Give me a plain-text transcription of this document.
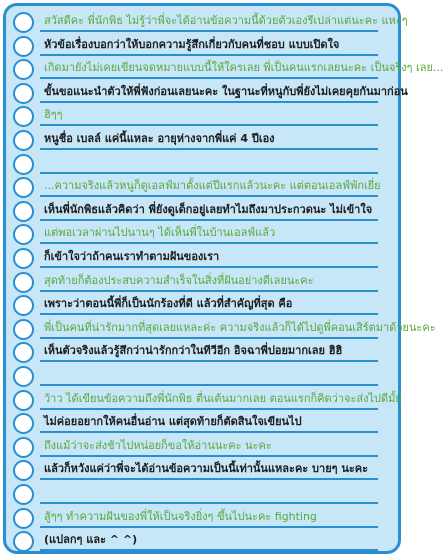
สวัสดีคะ พี่นักพิธ ไม่รู้ว่าพี่จะได้อ่านข้อความนี้ด้วยตัวเองรึเปล่าแต่นะคะ แหะๆ
หัวข้อเรื่องบอกว่าให้บอกความรู้สึกเกี่ยวกับคนที่ชอบ แบบเปิดใจ
เกิดมายังไม่เคยเขียนจดหมายแบบนี้ให้ใครเลย พี่เป็นคนแรกเลยนะคะ เป็นจริงๆ เลย...
ขั้นขอแนะนำตัวให้พี่ฟังก่อนเลยนะคะ ในฐานะที่หนูกับพี่ยังไม่เคยคุยกันมาก่อน
ฮิๆๆ
หนูชื่อ เบลล์ แค่นี้แหละ อายุห่างจากพี่แค่ 4 ปีเอง
...ความจริงแล้วหนูก็ดูเอลฟ์มาตั้งแต่ปีแรกแล้วนะคะ แต่ตอนเอลฟ์พักเยี่ย
เห็นพี่นักพิธแล้วคิดว่า พี่ยังดูเด็กอยู่เลยทำไมถึงมาประกวดนะ ไม่เข้าใจ
แต่พอเวลาผ่านไปนานๆ ได้เห็นพี่ในบ้านเอลฟ์แล้ว
ก็เข้าใจว่าถ้าคนเราทำตามฝันของเรา
สุดท้ายก็ต้องประสบความสำเร็จในสิ่งที่ฝันอย่างดีเลยนะคะ
เพราะว่าตอนนี้พี่ก็เป็นนักร้องที่ดี แล้วที่สำคัญที่สุด คือ
พี่เป็นคนที่น่ารักมากที่สุดเลยแหละค่ะ ความจริงแล้วก็ได้ไปดูพี่คอนเสิร์ตมาด้วยนะคะ
เห็นตัวจริงแล้วรู้สึกว่าน่ารักกว่าในทีวีอีก อิจฉาพี่ปอยมากเลย ฮิฮิ
ว้าว ได้เขียนข้อความถึงพี่นักพิธ ตื่นเต้นมากเลย ตอนแรกก็คิดว่าจะส่งไปดีมั้ย
ไม่ค่อยอยากให้คนอื่นอ่าน แต่สุดท้ายก็ตัดสินใจเขียนไป
ถึงแม้ว่าจะส่งช้าไปหน่อยก็ขอให้อ่านนะคะ นะคะ
แล้วก็หวังแค่ว่าพี่จะได้อ่านข้อความเป็นนี้เท่านั้นแหละคะ บายๆ นะคะ
สู้ๆๆ ทำความฝันของพี่ให้เป็นจริงยิ่งๆ ขึ้นไปนะคะ fighting
(แปลกๆ และ ^ ^)
